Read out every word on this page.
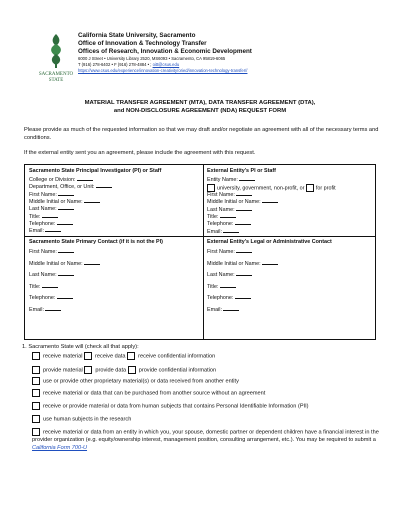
SACRAMENTO
STATE
California State University, Sacramento
Office of Innovation & Technology Transfer
Offices of Research, Innovation & Economic Development
6000 J Street • University Library 2520, MS6093 • Sacramento, CA 95819-6065
T (916) 278-6402 • F (916) 278-4884 • ; oitt@csus.edu
https://www.csus.edu/experience/innovation-creativity/oried/innovation-technology-transfer//
MATERIAL TRANSFER AGREEMENT (MTA), DATA TRANSFER AGREEMENT (DTA),
and NON-DISCLOSURE AGREEMENT (NDA) REQUEST FORM
Please provide as much of the requested information so that we may draft and/or negotiate an agreement with all of the necessary terms and conditions.
If the external entity sent you an agreement, please include the agreement with this request.
Sacramento State Principal Investigator (PI) or Staff
College or Division:
Department, Office, or Unit:
First Name:
Middle Initial or Name:
Last Name:
Title:
Telephone:
Email:
External Entity's PI or Staff
Entity Name:
university, government, non-profit, or for profit
First Name:
Middle Initial or Name:
Last Name:
Title:
Telephone:
Email:
Sacramento State Primary Contact (if it is not the PI)
First Name:
Middle Initial or Name:
Last Name:
Title:
Telephone:
Email:
External Entity's Legal or Administrative Contact
First Name:
Middle Initial or Name:
Last Name:
Title:
Telephone:
Email:
1. Sacramento State will (check all that apply):
receive material receive data receive confidential information
provide material provide data provide confidential information
use or provide other proprietary material(s) or data received from another entity
receive material or data that can be purchased from another source without an agreement
receive or provide material or data from human subjects that contains Personal Identifiable Information (PII)
use human subjects in the research
receive material or data from an entity in which you, your spouse, domestic partner or dependent children have a financial interest in the provider organization (e.g. equity/ownership interest, management position, consulting arrangement, etc.). You may be required to submit a California Form 700-U
